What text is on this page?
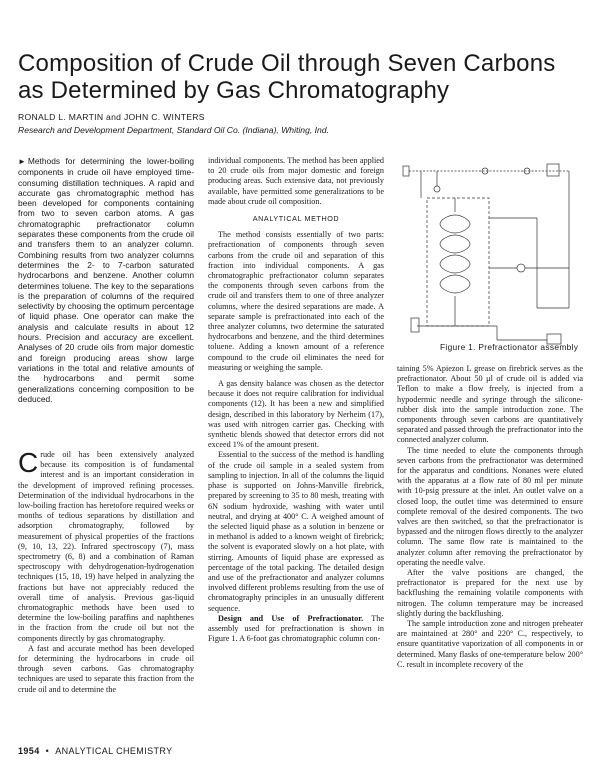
Composition of Crude Oil through Seven Carbons as Determined by Gas Chromatography
RONALD L. MARTIN and JOHN C. WINTERS
Research and Development Department, Standard Oil Co. (Indiana), Whiting, Ind.

► Methods for determining the lower-boiling components in crude oil have employed time-consuming distillation techniques. A rapid and accurate gas chromatographic method has been developed for components containing from two to seven carbon atoms. A gas chromatographic prefractionator column separates these components from the crude oil and transfers them to an analyzer column. Combining results from two analyzer columns determines the 2- to 7-carbon saturated hydrocarbons and benzene. Another column determines toluene. The key to the separations is the preparation of columns of the required selectivity by choosing the optimum percentage of liquid phase. One operator can make the analysis and calculate results in about 12 hours. Precision and accuracy are excellent. Analyses of 20 crude oils from major domestic and foreign producing areas show large variations in the total and relative amounts of the hydrocarbons and permit some generalizations concerning composition to be deduced.

Crude oil has been extensively analyzed because its composition is of fundamental interest and is an important consideration in the development of improved refining processes. Determination of the individual hydrocarbons in the low-boiling fraction has heretofore required weeks or months of tedious separations by distillation and adsorption chromatography, followed by measurement of physical properties of the fractions (9, 10, 13, 22). Infrared spectroscopy (7), mass spectrometry (6, 8) and a combination of Raman spectroscopy with dehydrogenation-hydrogenation techniques (15, 18, 19) have helped in analyzing the fractions but have not appreciably reduced the overall time of analysis. Previous gas-liquid chromatographic methods have been used to determine the low-boiling paraffins and naphthenes in the fraction from the crude oil but not the components directly by gas chromatography.

A fast and accurate method has been developed for determining the hydrocarbons in crude oil through seven carbons. Gas chromatography techniques are used to separate this fraction from the crude oil and to determine the

individual components. The method has been applied to 20 crude oils from major domestic and foreign producing areas. Such extensive data, not previously available, have permitted some generalizations to be made about crude oil composition.

ANALYTICAL METHOD

The method consists essentially of two parts: prefractionation of components through seven carbons from the crude oil and separation of this fraction into individual components. A gas chromatographic prefractionator column separates the components through seven carbons from the crude oil and transfers them to one of three analyzer columns, where the desired separations are made. A separate sample is prefractionated into each of the three analyzer columns, two determine the saturated hydrocarbons and benzene, and the third determines toluene. Adding a known amount of a reference compound to the crude oil eliminates the need for measuring or weighing the sample.

A gas density balance was chosen as the detector because it does not require calibration for individual components (12). It has been a new and simplified design, described in this laboratory by Nerheim (17), was used with nitrogen carrier gas. Checking with synthetic blends showed that detector errors did not exceed 1% of the amount present.

Essential to the success of the method is handling of the crude oil sample in a sealed system from sampling to injection. In all of the columns the liquid phase is supported on Johns-Manville firebrick, prepared by screening to 35 to 80 mesh, treating with 6N sodium hydroxide, washing with water until neutral, and drying at 400° C. A weighed amount of the selected liquid phase as a solution in benzene or in methanol is added to a known weight of firebrick; the solvent is evaporated slowly on a hot plate, with stirring. Amounts of liquid phase are expressed as percentage of the total packing. The detailed design and use of the prefractionator and analyzer columns involved different problems resulting from the use of chromatography principles in an unusually different sequence.

Design and Use of Prefractionator. The assembly used for prefractionation is shown in Figure 1. A 6-foot gas chromatographic column con-

Figure 1. Prefractionator assembly

taining 5% Apiezon L grease on firebrick serves as the prefractionator. About 50 μl of crude oil is added via Teflon to make a flow freely, is injected from a hypodermic needle and syringe through the silicone-rubber disk into the sample introduction zone. The components through seven carbons are quantitatively separated and passed through the prefractionator into the connected analyzer column.

The time needed to elute the components through seven carbons from the prefractionator was determined for the apparatus and conditions. Nonanes were eluted with the apparatus at a flow rate of 80 ml per minute with 10-psig pressure at the inlet. An outlet valve on a closed loop, the outlet time was determined to ensure complete removal of the desired components. The two valves are then switched, so that the prefractionator is bypassed and the nitrogen flows directly to the analyzer column. The same flow rate is maintained to the analyzer column after removing the prefractionator by operating the needle valve.

After the valve positions are changed, the prefractionator is prepared for the next use by backflushing the remaining volatile components with nitrogen. The column temperature may be increased slightly during the backflushing.

The sample introduction zone and nitrogen preheater are maintained at 280° and 220° C., respectively, to ensure quantitative vaporization of all components in or determined. Many flasks of one-temperature below 200° C. result in incomplete recovery of the

1954 • ANALYTICAL CHEMISTRY
